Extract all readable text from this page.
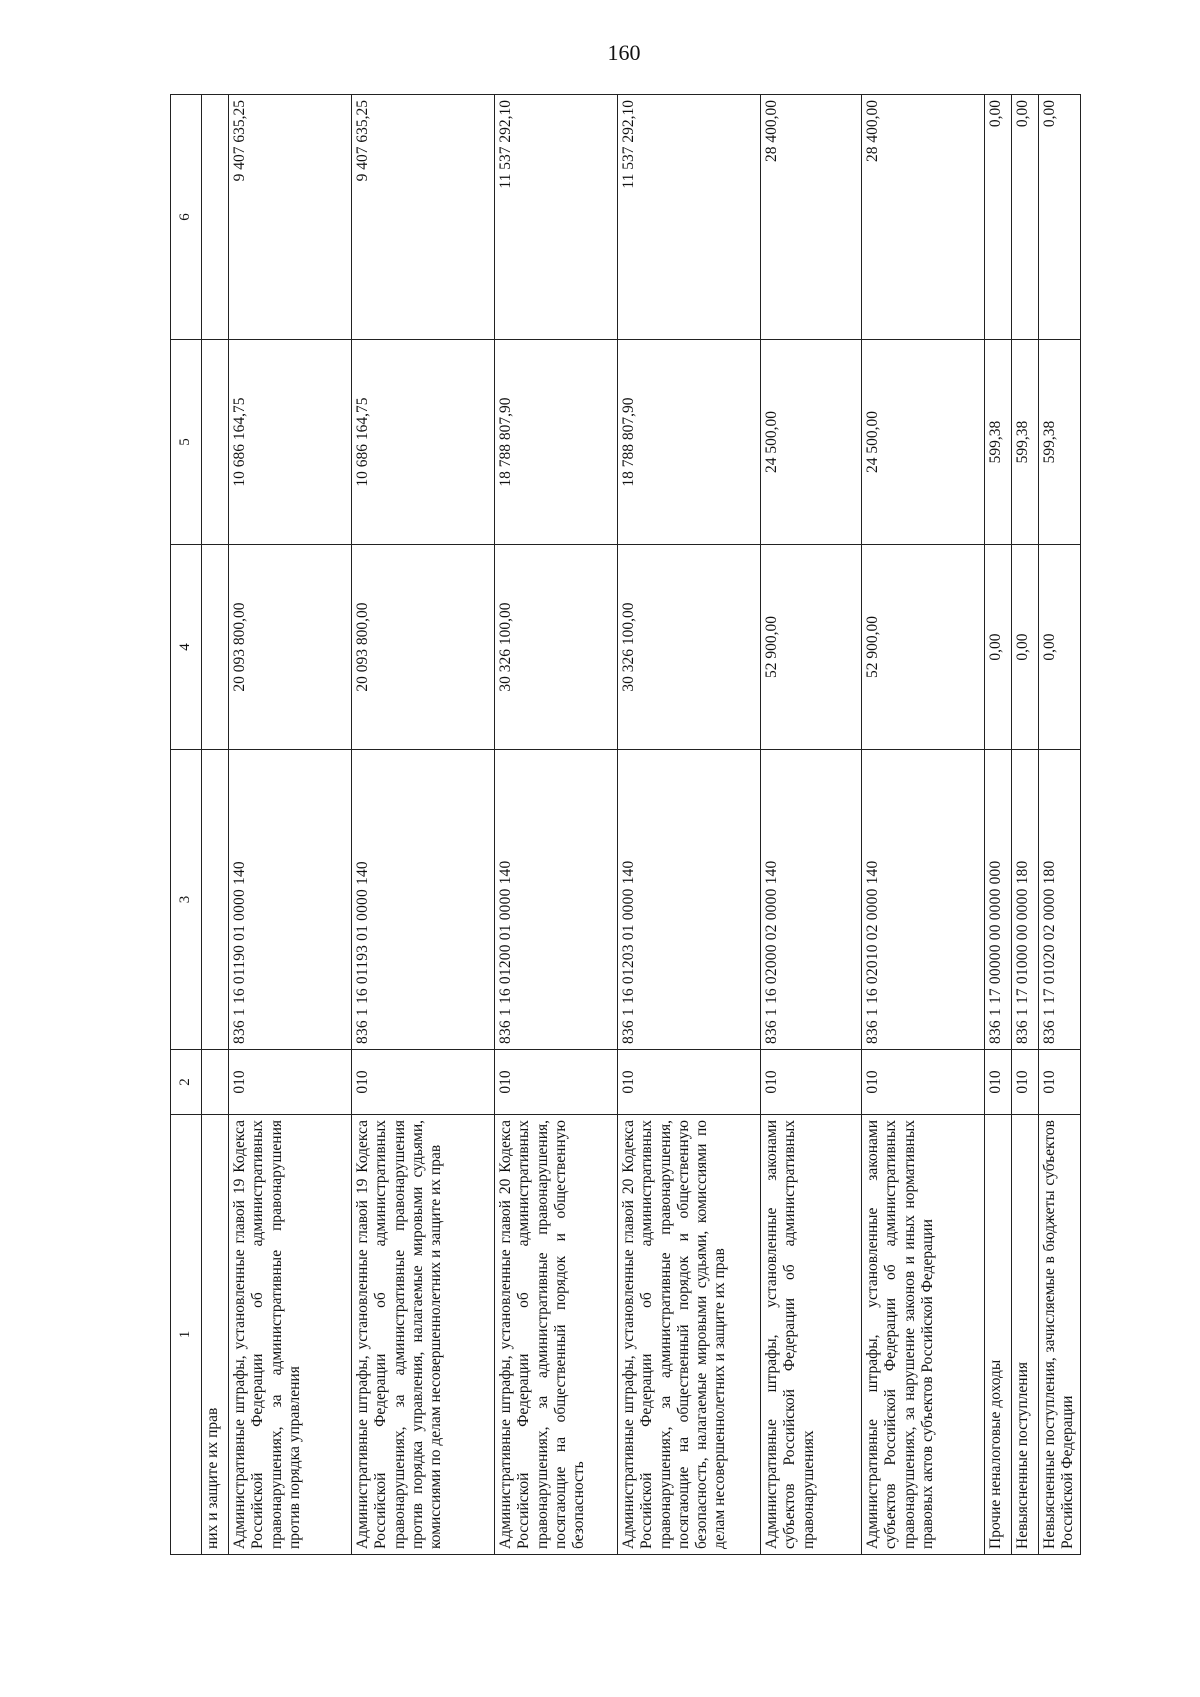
160
1	2	3	4	5	6
них и защите их прав					
Административные штрафы, установленные главой 19 Кодекса Российской Федерации об административных правонарушениях, за административные правонарушения против порядка управления	010	836 1 16 01190 01 0000 140	20 093 800,00	10 686 164,75	9 407 635,25
Административные штрафы, установленные главой 19 Кодекса Российской Федерации об административных правонарушениях, за административные правонарушения против порядка управления, налагаемые мировыми судьями, комиссиями по делам несовершеннолетних и защите их прав	010	836 1 16 01193 01 0000 140	20 093 800,00	10 686 164,75	9 407 635,25
Административные штрафы, установленные главой 20 Кодекса Российской Федерации об административных правонарушениях, за административные правонарушения, посягающие на общественный порядок и общественную безопасность	010	836 1 16 01200 01 0000 140	30 326 100,00	18 788 807,90	11 537 292,10
Административные штрафы, установленные главой 20 Кодекса Российской Федерации об административных правонарушениях, за административные правонарушения, посягающие на общественный порядок и общественную безопасность, налагаемые мировыми судьями, комиссиями по делам несовершеннолетних и защите их прав	010	836 1 16 01203 01 0000 140	30 326 100,00	18 788 807,90	11 537 292,10
Административные штрафы, установленные законами субъектов Российской Федерации об административных правонарушениях	010	836 1 16 02000 02 0000 140	52 900,00	24 500,00	28 400,00
Административные штрафы, установленные законами субъектов Российской Федерации об административных правонарушениях, за нарушение законов и иных нормативных правовых актов субъектов Российской Федерации	010	836 1 16 02010 02 0000 140	52 900,00	24 500,00	28 400,00
Прочие неналоговые доходы	010	836 1 17 00000 00 0000 000	0,00	599,38	0,00
Невыясненные поступления	010	836 1 17 01000 00 0000 180	0,00	599,38	0,00
Невыясненные поступления, зачисляемые в бюджеты субъектов Российской Федерации	010	836 1 17 01020 02 0000 180	0,00	599,38	0,00
